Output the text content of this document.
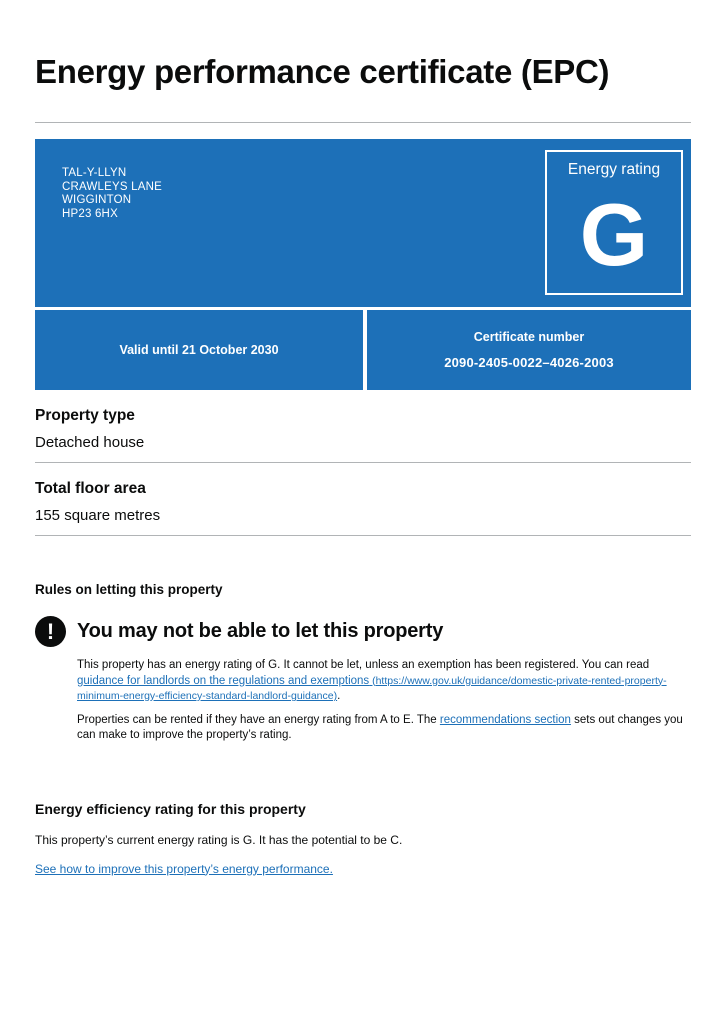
Energy performance certificate (EPC)
TAL-Y-LLYN
CRAWLEYS LANE
WIGGINTON
HP23 6HX
Energy rating
G
Valid until 21 October 2030
Certificate number
2090-2405-0022–4026-2003
Property type
Detached house
Total floor area
155 square metres
Rules on letting this property
!	You may not be able to let this property

This property has an energy rating of G. It cannot be let, unless an exemption has been registered. You can read guidance for landlords on the regulations and exemptions (https://www.gov.uk/guidance/domestic-private-rented-property-minimum-energy-efficiency-standard-landlord-guidance).

Properties can be rented if they have an energy rating from A to E. The recommendations section sets out changes you can make to improve the property’s rating.

Energy efficiency rating for this property
This property’s current energy rating is G. It has the potential to be C.
See how to improve this property’s energy performance.
